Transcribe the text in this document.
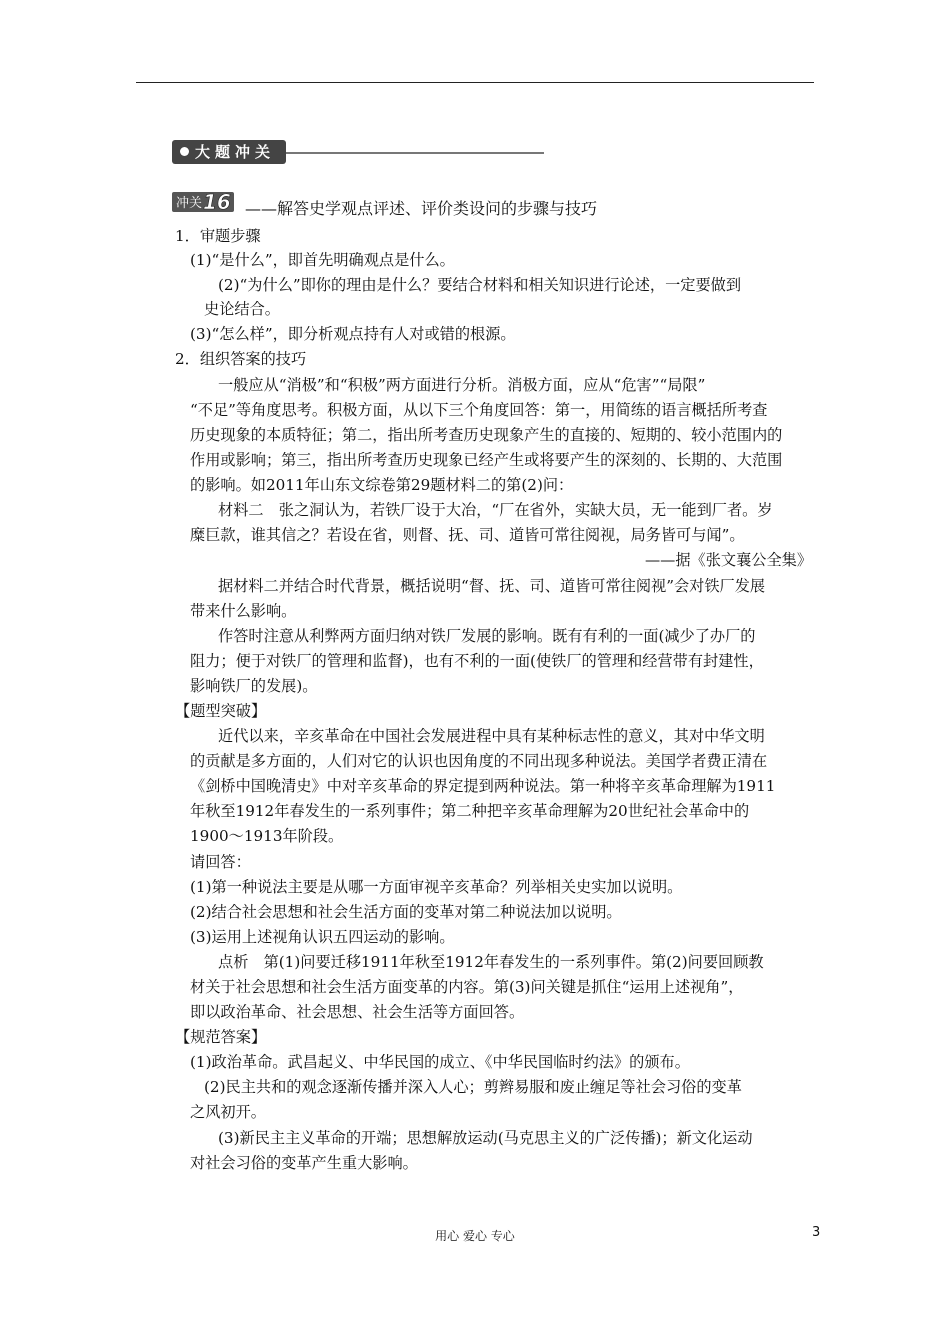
大题冲关
冲关16 ——解答史学观点评述、评价类设问的步骤与技巧
1．审题步骤
(1)“是什么”，即首先明确观点是什么。
(2)“为什么”即你的理由是什么？要结合材料和相关知识进行论述，一定要做到
史论结合。
(3)“怎么样”，即分析观点持有人对或错的根源。
2．组织答案的技巧
一般应从“消极”和“积极”两方面进行分析。消极方面，应从“危害”“局限”
“不足”等角度思考。积极方面，从以下三个角度回答：第一，用简练的语言概括所考查
历史现象的本质特征；第二，指出所考查历史现象产生的直接的、短期的、较小范围内的
作用或影响；第三，指出所考查历史现象已经产生或将要产生的深刻的、长期的、大范围
的影响。如2011年山东文综卷第29题材料二的第(2)问：
材料二　张之洞认为，若铁厂设于大冶，“厂在省外，实缺大员，无一能到厂者。岁
糜巨款，谁其信之？若设在省，则督、抚、司、道皆可常往阅视，局务皆可与闻”。
——据《张文襄公全集》
据材料二并结合时代背景，概括说明“督、抚、司、道皆可常往阅视”会对铁厂发展
带来什么影响。
作答时注意从利弊两方面归纳对铁厂发展的影响。既有有利的一面(减少了办厂的
阻力；便于对铁厂的管理和监督)，也有不利的一面(使铁厂的管理和经营带有封建性，
影响铁厂的发展)。
【题型突破】
近代以来，辛亥革命在中国社会发展进程中具有某种标志性的意义，其对中华文明
的贡献是多方面的，人们对它的认识也因角度的不同出现多种说法。美国学者费正清在
《剑桥中国晚清史》中对辛亥革命的界定提到两种说法。第一种将辛亥革命理解为1911
年秋至1912年春发生的一系列事件；第二种把辛亥革命理解为20世纪社会革命中的
1900～1913年阶段。
请回答：
(1)第一种说法主要是从哪一方面审视辛亥革命？列举相关史实加以说明。
(2)结合社会思想和社会生活方面的变革对第二种说法加以说明。
(3)运用上述视角认识五四运动的影响。
点析　第(1)问要迁移1911年秋至1912年春发生的一系列事件。第(2)问要回顾教
材关于社会思想和社会生活方面变革的内容。第(3)问关键是抓住“运用上述视角”，
即以政治革命、社会思想、社会生活等方面回答。
【规范答案】
(1)政治革命。武昌起义、中华民国的成立、《中华民国临时约法》的颁布。
(2)民主共和的观念逐渐传播并深入人心；剪辫易服和废止缠足等社会习俗的变革
之风初开。
(3)新民主主义革命的开端；思想解放运动(马克思主义的广泛传播)；新文化运动
对社会习俗的变革产生重大影响。
用心 爱心 专心	3
